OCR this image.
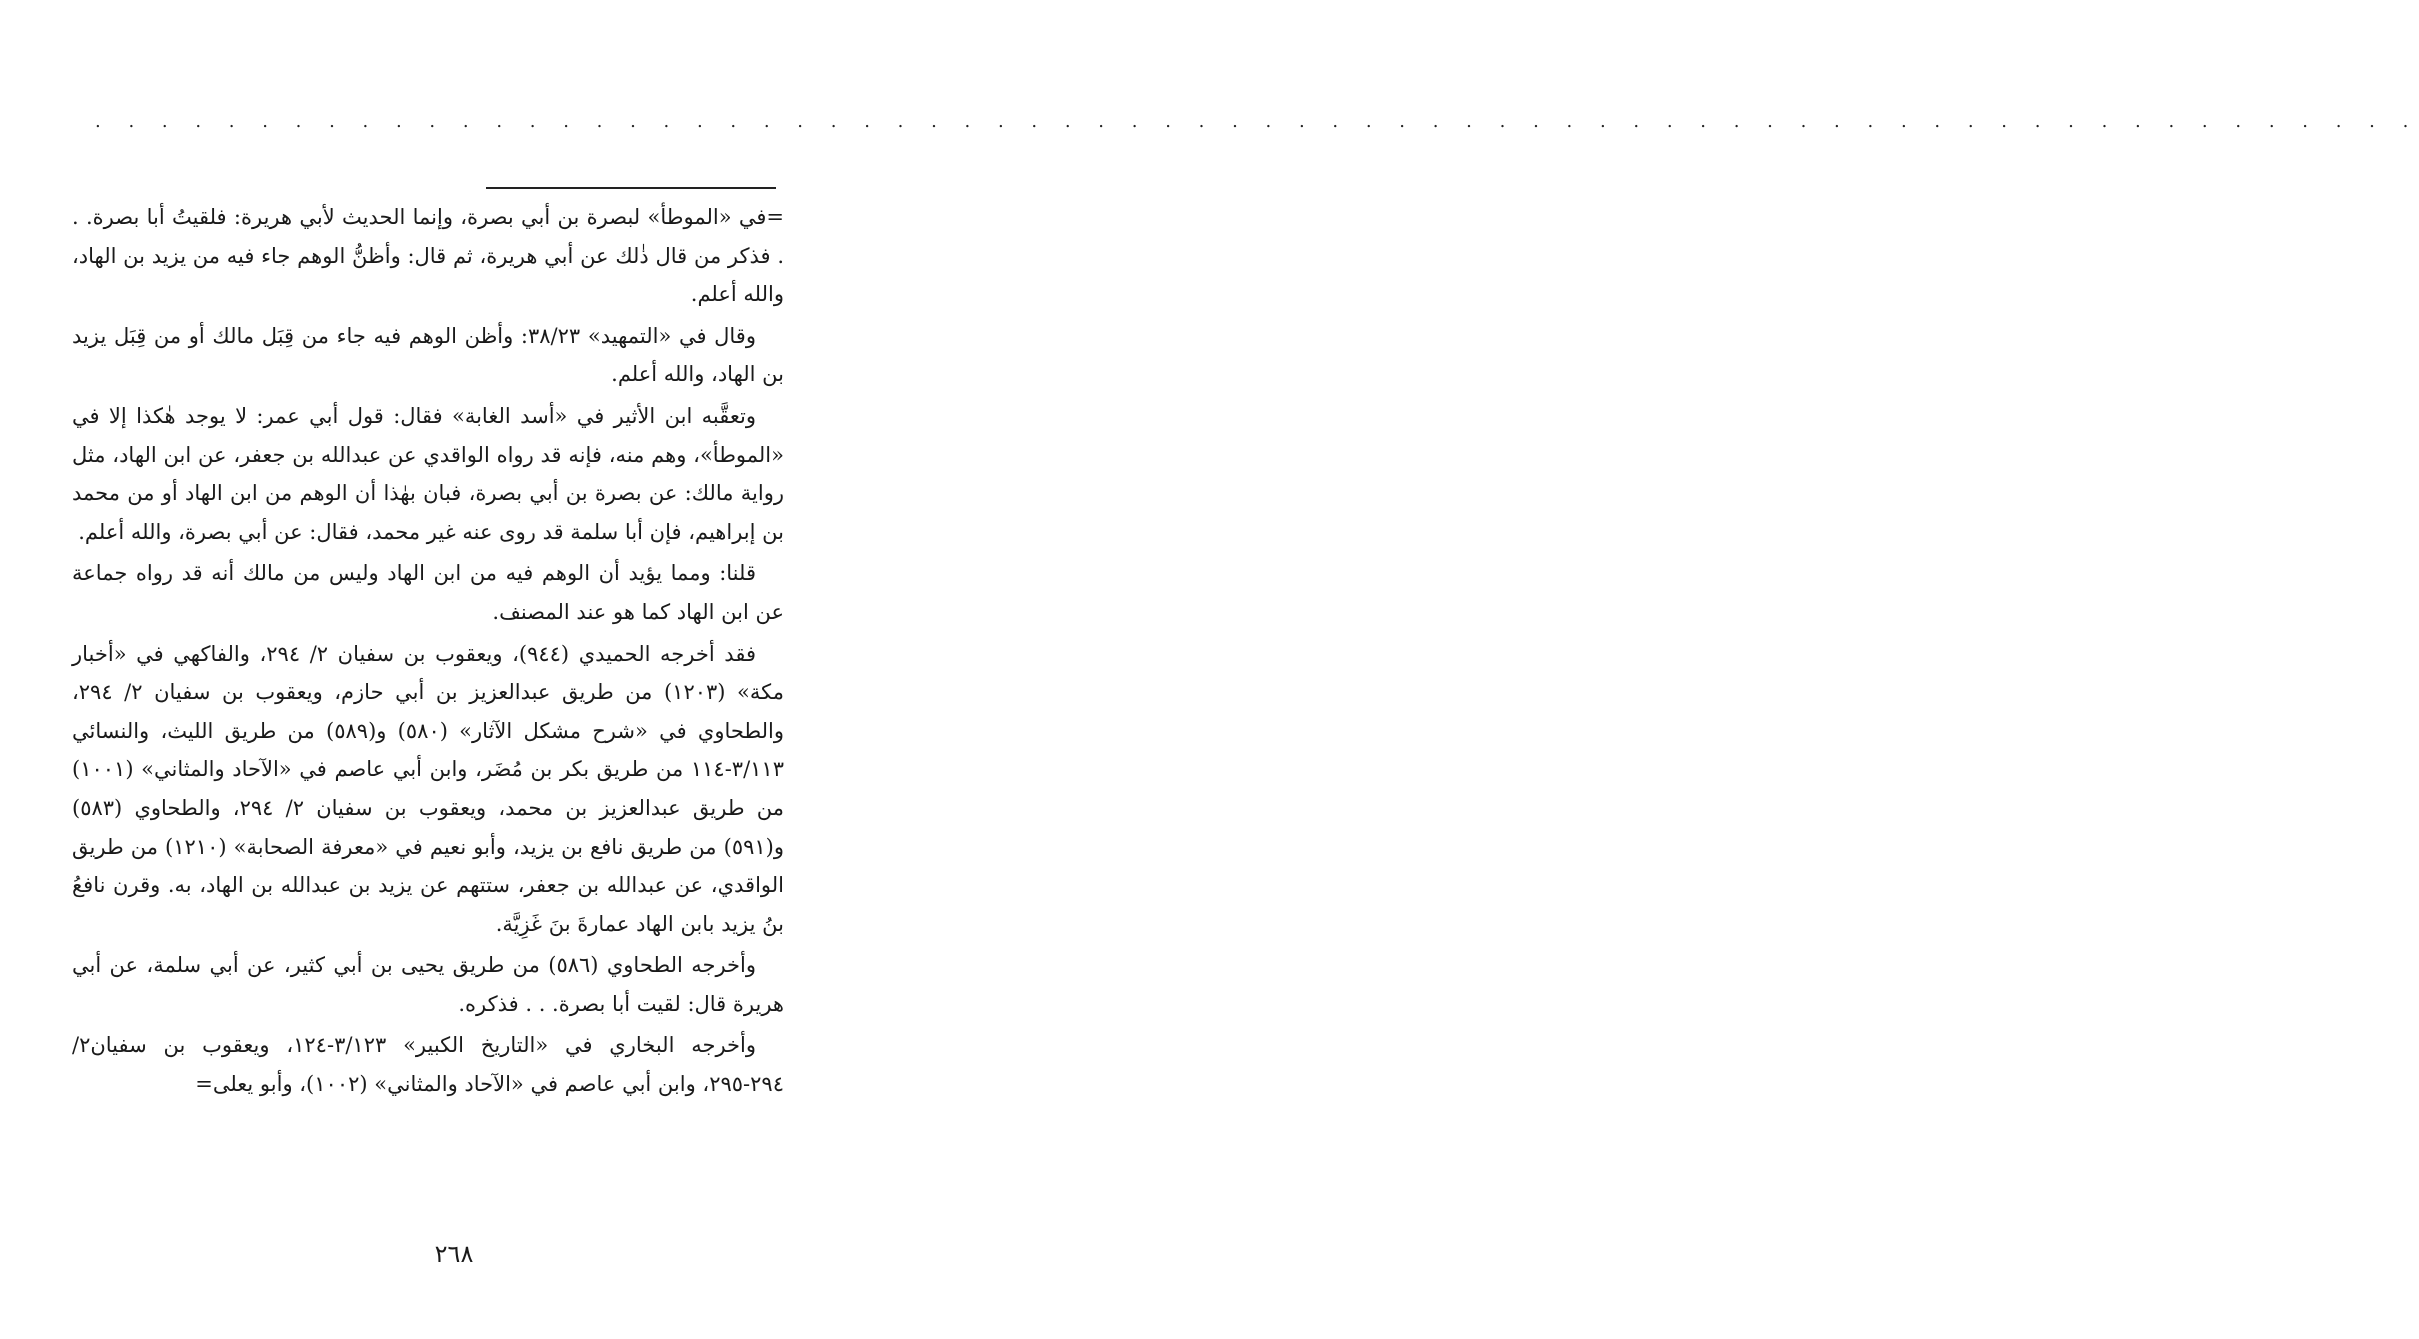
. . . . . . . . . . . . . . . . . . . . . . . . . . . . . . . . . . . . . . . . . . . . . . . . . . . . . . . . . . . . . . . . . . . . . .

=في «الموطأ» لبصرة بن أبي بصرة، وإنما الحديث لأبي هريرة: فلقيتُ أبا بصرة. . . فذكر من قال ذٰلك عن أبي هريرة، ثم قال: وأظنُّ الوهم جاء فيه من يزيد بن الهاد، والله أعلم.

وقال في «التمهيد» ٣٨/٢٣: وأظن الوهم فيه جاء من قِبَل مالك أو من قِبَل يزيد بن الهاد، والله أعلم.

وتعقَّبه ابن الأثير في «أسد الغابة» فقال: قول أبي عمر: لا يوجد هٰكذا إلا في «الموطأ»، وهم منه، فإنه قد رواه الواقدي عن عبدالله بن جعفر، عن ابن الهاد، مثل رواية مالك: عن بصرة بن أبي بصرة، فبان بهٰذا أن الوهم من ابن الهاد أو من محمد بن إبراهيم، فإن أبا سلمة قد روى عنه غير محمد، فقال: عن أبي بصرة، والله أعلم.

قلنا: ومما يؤيد أن الوهم فيه من ابن الهاد وليس من مالك أنه قد رواه جماعة عن ابن الهاد كما هو عند المصنف.

فقد أخرجه الحميدي (٩٤٤)، ويعقوب بن سفيان ٢/ ٢٩٤، والفاكهي في «أخبار مكة» (١٢٠٣) من طريق عبدالعزيز بن أبي حازم، ويعقوب بن سفيان ٢/ ٢٩٤، والطحاوي في «شرح مشكل الآثار» (٥٨٠) و(٥٨٩) من طريق الليث، والنسائي ٣/١١٣-١١٤ من طريق بكر بن مُضَر، وابن أبي عاصم في «الآحاد والمثاني» (١٠٠١) من طريق عبدالعزيز بن محمد، ويعقوب بن سفيان ٢/ ٢٩٤، والطحاوي (٥٨٣) و(٥٩١) من طريق نافع بن يزيد، وأبو نعيم في «معرفة الصحابة» (١٢١٠) من طريق الواقدي، عن عبدالله بن جعفر، ستتهم عن يزيد بن عبدالله بن الهاد، به. وقرن نافعُ بنُ يزيد بابن الهاد عمارةَ بنَ غَزِيَّة.

وأخرجه الطحاوي (٥٨٦) من طريق يحيى بن أبي كثير، عن أبي سلمة، عن أبي هريرة قال: لقيت أبا بصرة. . . فذكره.

وأخرجه البخاري في «التاريخ الكبير» ٣/١٢٣-١٢٤، ويعقوب بن سفيان٢/ ٢٩٤-٢٩٥، وابن أبي عاصم في «الآحاد والمثاني» (١٠٠٢)، وأبو يعلى=

٢٦٨
